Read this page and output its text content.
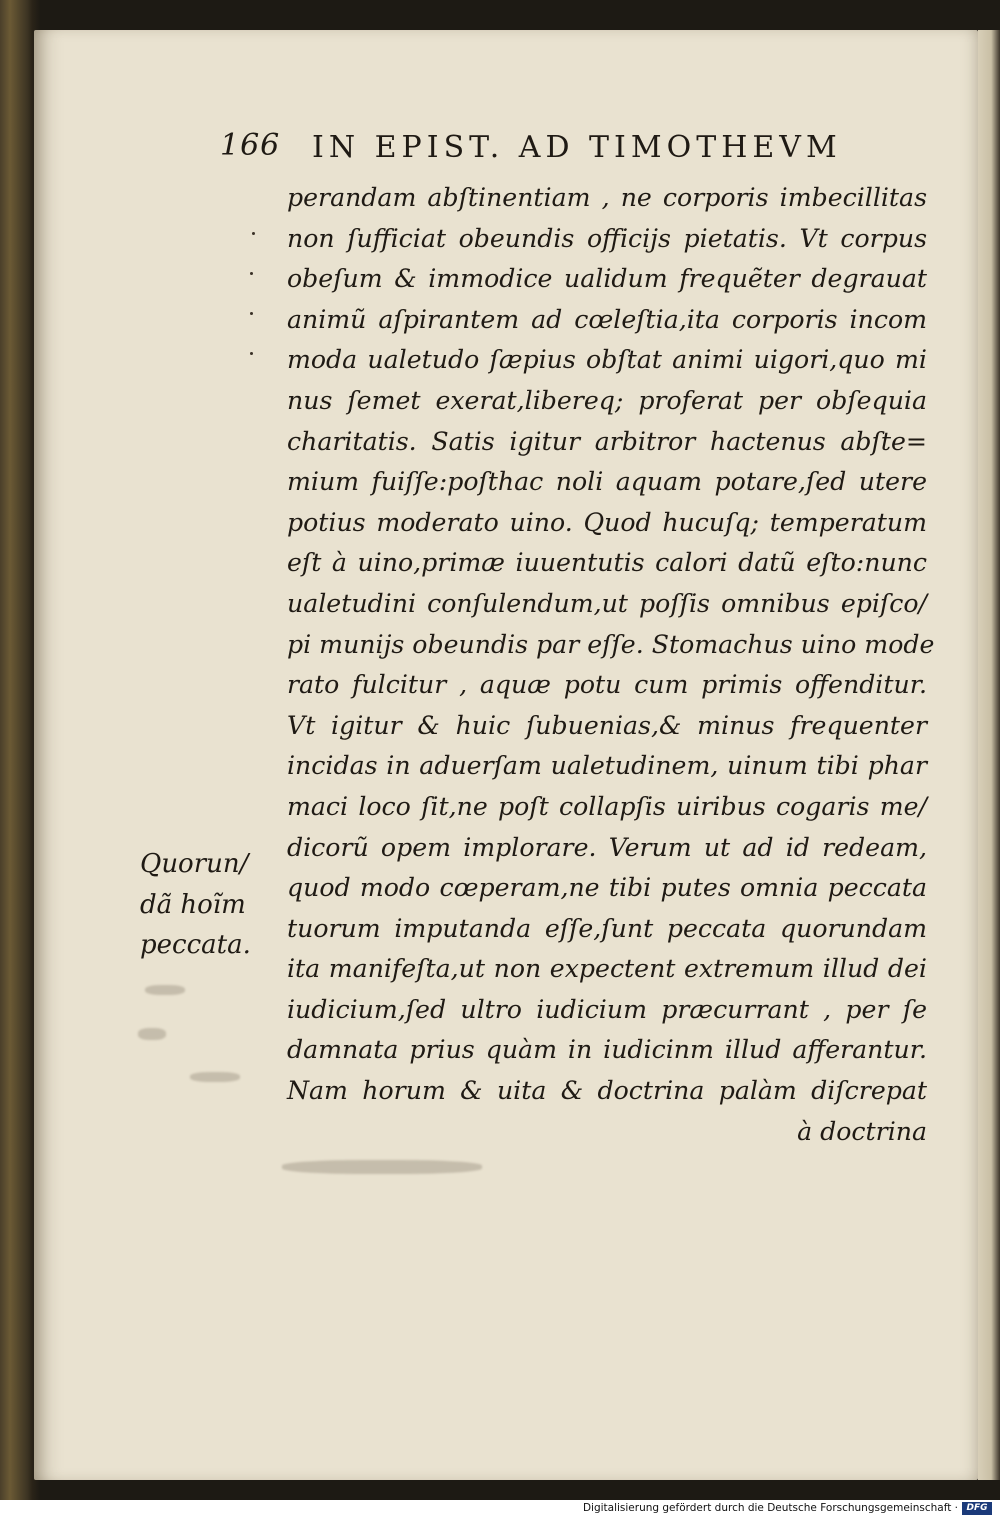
166 IN EPIST. AD TIMOTHEVM
perandam abſtinentiam , ne corporis imbecillitas
non ſufficiat obeundis officijs pietatis. Vt corpus
obeſum & immodice ualidum frequẽter degrauat
animũ aſpirantem ad cœleſtia,ita corporis incom
moda ualetudo ſæpius obſtat animi uigori,quo mi
nus ſemet exerat,libereq; proferat per obſequia
charitatis. Satis igitur arbitror hactenus abſte=
mium fuiſſe:poſthac noli aquam potare,ſed utere
potius moderato uino. Quod hucuſq; temperatum
eſt à uino,primæ iuuentutis calori datũ eſto:nunc
ualetudini conſulendum,ut poſſis omnibus epiſco/
pi munijs obeundis par eſſe. Stomachus uino mode
rato fulcitur , aquæ potu cum primis offenditur.
Vt igitur & huic ſubuenias,& minus frequenter
incidas in aduerſam ualetudinem, uinum tibi phar
maci loco ſit,ne poſt collapſis uiribus cogaris me/
dicorũ opem implorare. Verum ut ad id redeam,
quod modo cœperam,ne tibi putes omnia peccata
tuorum imputanda eſſe,ſunt peccata quorundam
ita manifeſta,ut non expectent extremum illud dei
iudicium,ſed ultro iudicium præcurrant , per ſe
damnata prius quàm in iudicinm illud afferantur.
Nam horum & uita & doctrina palàm diſcrepat
à doctrina
Quorun/
dã hoĩm
peccata.
Digitalisierung gefördert durch die Deutsche Forschungsgemeinschaft · DFG
